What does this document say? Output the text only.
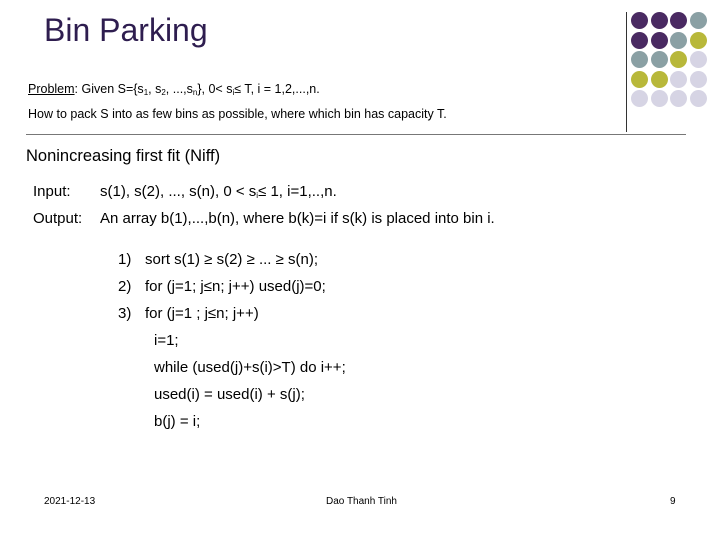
Bin Parking
Problem: Given $S=\{s_1$, $s_2$, $...,s_n$}, $0< s_i\le T$, i = 1,2,...,n.
How to pack S into as few bins as possible, where which bin has capacity T.
Nonincreasing first fit (Niff)
Input: s(1), s(2), ..., s(n), $0 < s_i\le 1$, i=1,..,n.
Output: An array b(1),...,b(n), where b(k)=i if s(k) is placed into bin i.
1) sort s(1) ≥ s(2) ≥ ... ≥ s(n);
2) for (j=1; j≤n; j++) used(j)=0;
3) for (j=1 ; j≤n; j++)
i=1;
while (used(j)+s(i)>T) do i++;
used(i) = used(i) + s(j);
b(j) = i;
2021-12-13	Dao Thanh Tinh	9
